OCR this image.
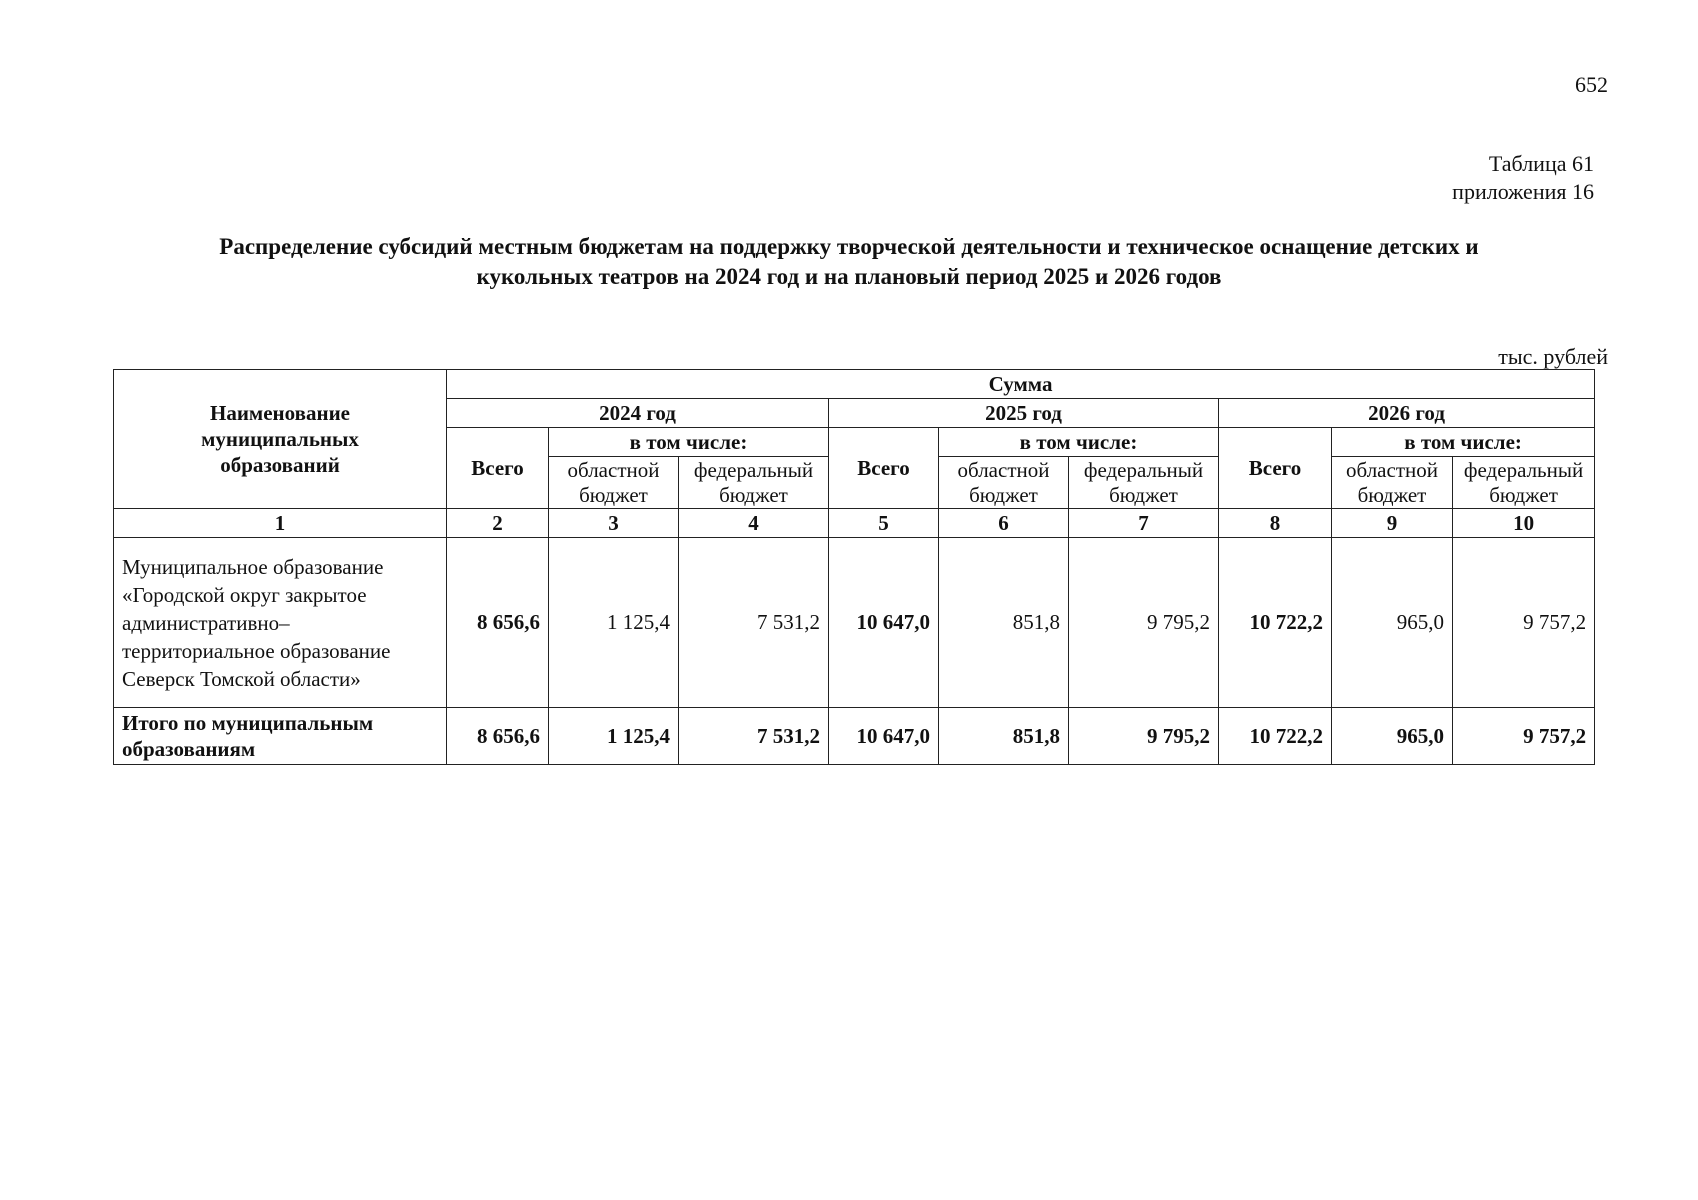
652
Таблица 61
приложения 16
Распределение субсидий местным бюджетам на поддержку творческой деятельности и техническое оснащение детских и
кукольных театров на 2024 год и на плановый период 2025 и 2026 годов
тыс. рублей
Наименование муниципальных образований	Сумма								
	2024 год			2025 год			2026 год		
	Всего	в том числе:		Всего	в том числе:		Всего	в том числе:	
		областной бюджет	федеральный бюджет		областной бюджет	федеральный бюджет		областной бюджет	федеральный бюджет
1	2	3	4	5	6	7	8	9	10
Муниципальное образование «Городской округ закрытое административно–территориальное образование Северск Томской области»	8 656,6	1 125,4	7 531,2	10 647,0	851,8	9 795,2	10 722,2	965,0	9 757,2
Итого по муниципальным образованиям	8 656,6	1 125,4	7 531,2	10 647,0	851,8	9 795,2	10 722,2	965,0	9 757,2
